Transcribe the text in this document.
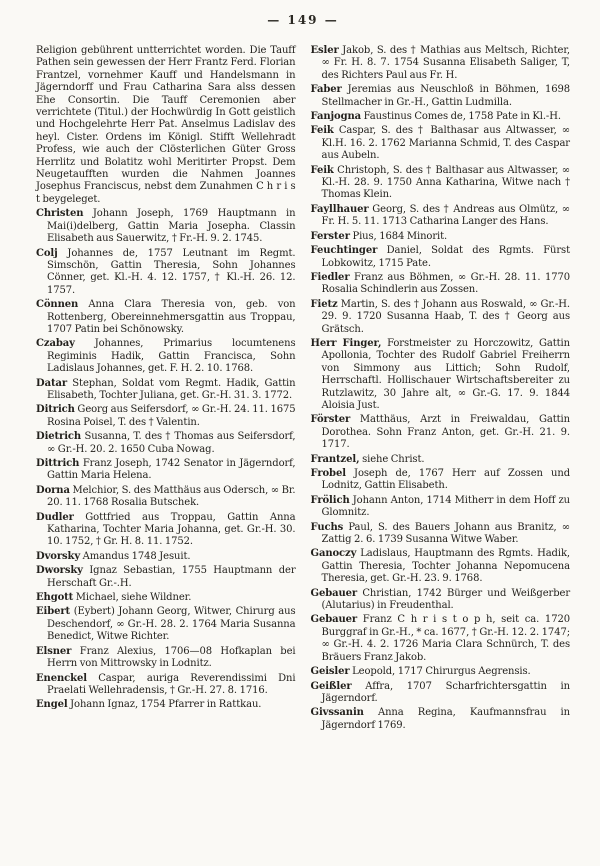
— 149 —

Religion gebührent untterrichtet worden. Die Tauff Pathen sein gewessen der Herr Frantz Ferd. Florian Frantzel, vornehmer Kauff und Handelsmann in Jägerndorff und Frau Catharina Sara alss dessen Ehe Consortin. Die Tauff Ceremonien aber verrichtete (Titul.) der Hochwürdig In Gott geistlich und Hochgelehrte Herr Pat. Anselmus Ladislav des heyl. Cister. Ordens im Königl. Stifft Wellehradt Profess, wie auch der Clösterlichen Güter Gross Herrlitz und Bolatitz wohl Meritirter Propst. Dem Neugetaufften wurden die Nahmen Joannes Josephus Franciscus, nebst dem Zunahmen C h r i s t beygeleget.

Christen Johann Joseph, 1769 Hauptmann in Mai(i)delberg, Gattin Maria Josepha. Classin Elisabeth aus Sauerwitz, † Fr.-H. 9. 2. 1745.

Colj Johannes de, 1757 Leutnant im Regmt. Simschön, Gattin Theresia, Sohn Johannes Cönner, get. Kl.-H. 4. 12. 1757, † Kl.-H. 26. 12. 1757.

Cönnen Anna Clara Theresia von, geb. von Rottenberg, Obereinnehmersgattin aus Troppau, 1707 Patin bei Schönowsky.

Czabay Johannes, Primarius locumtenens Regiminis Hadik, Gattin Francisca, Sohn Ladislaus Johannes, get. F. H. 2. 10. 1768.

Datar Stephan, Soldat vom Regmt. Hadik, Gattin Elisabeth, Tochter Juliana, get. Gr.-H. 31. 3. 1772.

Ditrich Georg aus Seifersdorf, ∞ Gr.-H. 24. 11. 1675 Rosina Poisel, T. des † Valentin.

Dietrich Susanna, T. des † Thomas aus Seifersdorf, ∞ Gr.-H. 20. 2. 1650 Cuba Nowag.

Dittrich Franz Joseph, 1742 Senator in Jägerndorf, Gattin Maria Helena.

Dorna Melchior, S. des Matthäus aus Odersch, ∞ Br. 20. 11. 1768 Rosalia Butschek.

Dudler Gottfried aus Troppau, Gattin Anna Katharina, Tochter Maria Johanna, get. Gr.-H. 30. 10. 1752, † Gr. H. 8. 11. 1752.

Dvorsky Amandus 1748 Jesuit.

Dworsky Ignaz Sebastian, 1755 Hauptmann der Herschaft Gr.-.H.

Ehgott Michael, siehe Wildner.

Eibert (Eybert) Johann Georg, Witwer, Chirurg aus Deschendorf, ∞ Gr.-H. 28. 2. 1764 Maria Susanna Benedict, Witwe Richter.

Elsner Franz Alexius, 1706—08 Hofkaplan bei Herrn von Mittrowsky in Lodnitz.

Enenckel Caspar, auriga Reverendissimi Dni Praelati Wellehradensis, † Gr.-H. 27. 8. 1716.

Engel Johann Ignaz, 1754 Pfarrer in Rattkau.

Esler Jakob, S. des † Mathias aus Meltsch, Richter, ∞ Fr. H. 8. 7. 1754 Susanna Elisabeth Saliger, T, des Richters Paul aus Fr. H.

Faber Jeremias aus Neuschloß in Böhmen, 1698 Stellmacher in Gr.-H., Gattin Ludmilla.

Fanjogna Faustinus Comes de, 1758 Pate in Kl.-H.

Feik Caspar, S. des † Balthasar aus Altwasser, ∞ Kl.H. 16. 2. 1762 Marianna Schmid, T. des Caspar aus Aubeln.

Feik Christoph, S. des † Balthasar aus Altwasser, ∞ Kl.-H. 28. 9. 1750 Anna Katharina, Witwe nach † Thomas Klein.

Fayllhauer Georg, S. des † Andreas aus Olmütz, ∞ Fr. H. 5. 11. 1713 Catharina Langer des Hans.

Ferster Pius, 1684 Minorit.

Feuchtinger Daniel, Soldat des Rgmts. Fürst Lobkowitz, 1715 Pate.

Fiedler Franz aus Böhmen, ∞ Gr.-H. 28. 11. 1770 Rosalia Schindlerin aus Zossen.

Fietz Martin, S. des † Johann aus Roswald, ∞ Gr.-H. 29. 9. 1720 Susanna Haab, T. des † Georg aus Grätsch.

Herr Finger, Forstmeister zu Horczowitz, Gattin Apollonia, Tochter des Rudolf Gabriel Freiherrn von Simmony aus Littich; Sohn Rudolf, Herrschaftl. Hollischauer Wirtschaftsbereiter zu Rutzlawitz, 30 Jahre alt, ∞ Gr.-G. 17. 9. 1844 Aloisia Just.

Förster Matthäus, Arzt in Freiwaldau, Gattin Dorothea. Sohn Franz Anton, get. Gr.-H. 21. 9. 1717.

Frantzel, siehe Christ.

Frobel Joseph de, 1767 Herr auf Zossen und Lodnitz, Gattin Elisabeth.

Frölich Johann Anton, 1714 Mitherr in dem Hoff zu Glomnitz.

Fuchs Paul, S. des Bauers Johann aus Branitz, ∞ Zattig 2. 6. 1739 Susanna Witwe Waber.

Ganoczy Ladislaus, Hauptmann des Rgmts. Hadik, Gattin Theresia, Tochter Johanna Nepomucena Theresia, get. Gr.-H. 23. 9. 1768.

Gebauer Christian, 1742 Bürger und Weißgerber (Alutarius) in Freudenthal.

Gebauer Franz C h r i s t o p h, seit ca. 1720 Burggraf in Gr.-H., * ca. 1677, † Gr.-H. 12. 2. 1747; ∞ Gr.-H. 4. 2. 1726 Maria Clara Schnürch, T. des Bräuers Franz Jakob.

Geisler Leopold, 1717 Chirurgus Aegrensis.

Geißler Affra, 1707 Scharfrichtersgattin in Jägerndorf.

Givssanin Anna Regina, Kaufmannsfrau in Jägerndorf 1769.
